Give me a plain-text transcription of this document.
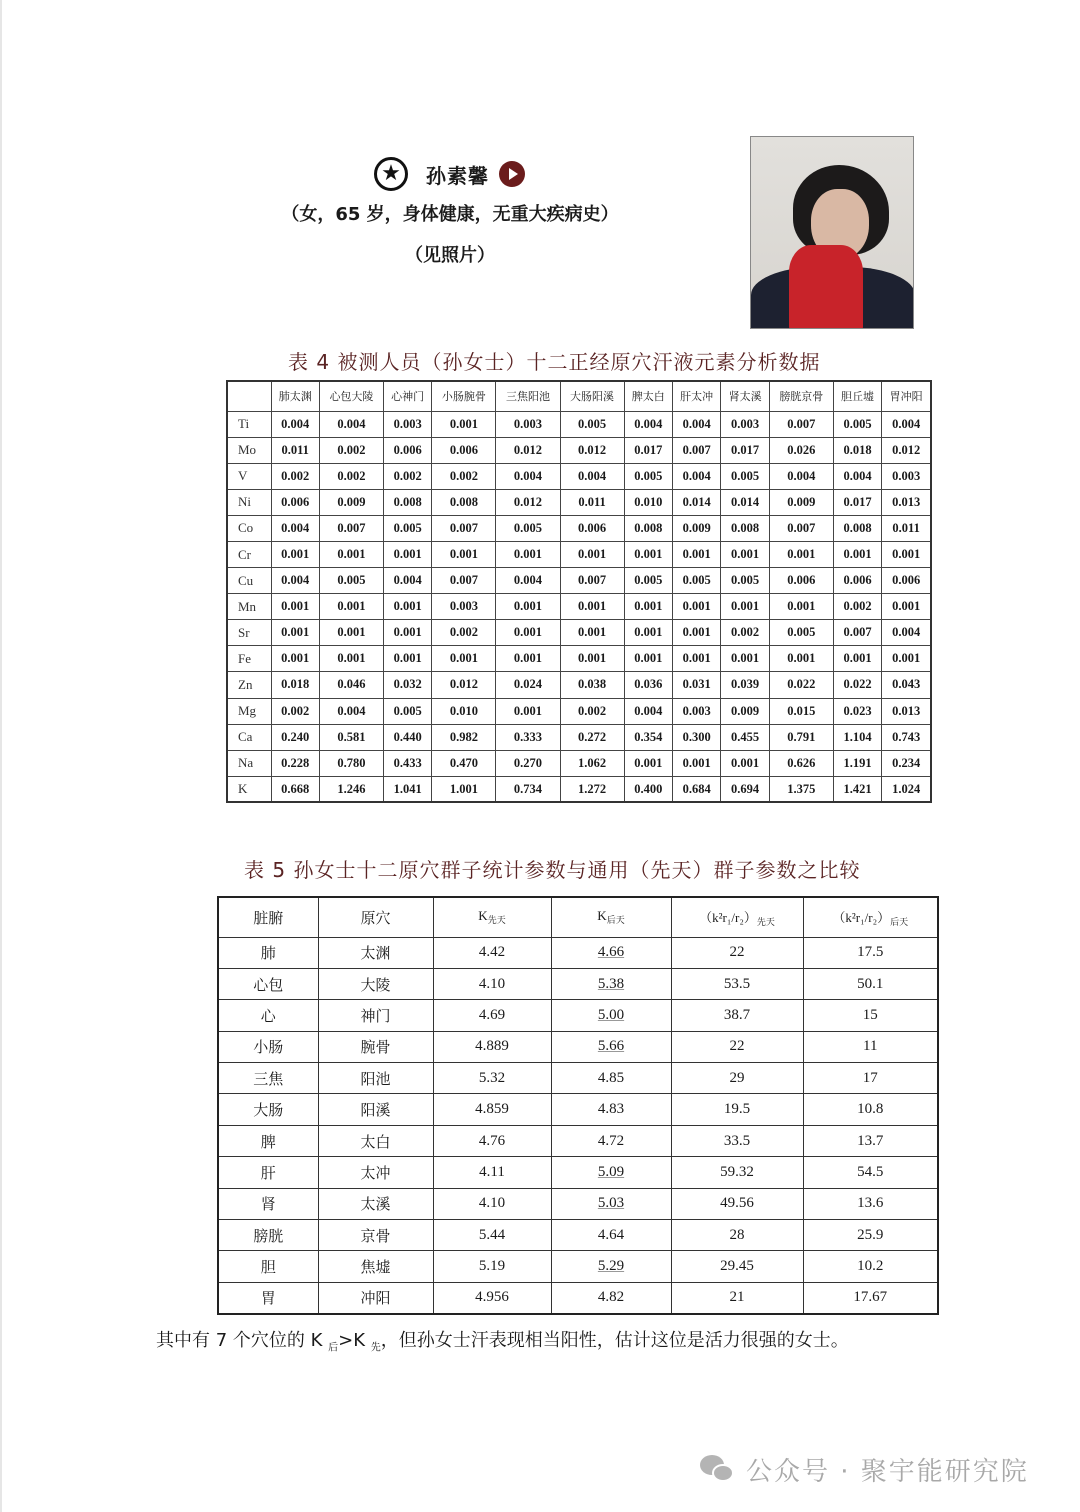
★	孙素馨
（女，65 岁，身体健康，无重大疾病史）
（见照片）
表 4 被测人员（孙女士）十二正经原穴汗液元素分析数据
	肺太渊	心包大陵	心神门	小肠腕骨	三焦阳池	大肠阳溪	脾太白	肝太冲	肾太溪	膀胱京骨	胆丘墟	胃冲阳
Ti	0.004	0.004	0.003	0.001	0.003	0.005	0.004	0.004	0.003	0.007	0.005	0.004
Mo	0.011	0.002	0.006	0.006	0.012	0.012	0.017	0.007	0.017	0.026	0.018	0.012
V	0.002	0.002	0.002	0.002	0.004	0.004	0.005	0.004	0.005	0.004	0.004	0.003
Ni	0.006	0.009	0.008	0.008	0.012	0.011	0.010	0.014	0.014	0.009	0.017	0.013
Co	0.004	0.007	0.005	0.007	0.005	0.006	0.008	0.009	0.008	0.007	0.008	0.011
Cr	0.001	0.001	0.001	0.001	0.001	0.001	0.001	0.001	0.001	0.001	0.001	0.001
Cu	0.004	0.005	0.004	0.007	0.004	0.007	0.005	0.005	0.005	0.006	0.006	0.006
Mn	0.001	0.001	0.001	0.003	0.001	0.001	0.001	0.001	0.001	0.001	0.002	0.001
Sr	0.001	0.001	0.001	0.002	0.001	0.001	0.001	0.001	0.002	0.005	0.007	0.004
Fe	0.001	0.001	0.001	0.001	0.001	0.001	0.001	0.001	0.001	0.001	0.001	0.001
Zn	0.018	0.046	0.032	0.012	0.024	0.038	0.036	0.031	0.039	0.022	0.022	0.043
Mg	0.002	0.004	0.005	0.010	0.001	0.002	0.004	0.003	0.009	0.015	0.023	0.013
Ca	0.240	0.581	0.440	0.982	0.333	0.272	0.354	0.300	0.455	0.791	1.104	0.743
Na	0.228	0.780	0.433	0.470	0.270	1.062	0.001	0.001	0.001	0.626	1.191	0.234
K	0.668	1.246	1.041	1.001	0.734	1.272	0.400	0.684	0.694	1.375	1.421	1.024
表 5 孙女士十二原穴群子统计参数与通用（先天）群子参数之比较
脏腑	原穴	$K_{先天}$	$K_{后天}$	$(k^2r_1/r_2)_{先天}$	$(k^2r_1/r_2)_{后天}$
肺	太渊	4.42	4.66	22	17.5
心包	大陵	4.10	5.38	53.5	50.1
心	神门	4.69	5.00	38.7	15
小肠	腕骨	4.889	5.66	22	11
三焦	阳池	5.32	4.85	29	17
大肠	阳溪	4.859	4.83	19.5	10.8
脾	太白	4.76	4.72	33.5	13.7
肝	太冲	4.11	5.09	59.32	54.5
肾	太溪	4.10	5.03	49.56	13.6
膀胱	京骨	5.44	4.64	28	25.9
胆	焦墟	5.19	5.29	29.45	10.2
胃	冲阳	4.956	4.82	21	17.67
其中有 7 个穴位的 K $_后$>K $_先$，但孙女士汗表现相当阳性，估计这位是活力很强的女士。
公众号 · 聚宇能研究院
